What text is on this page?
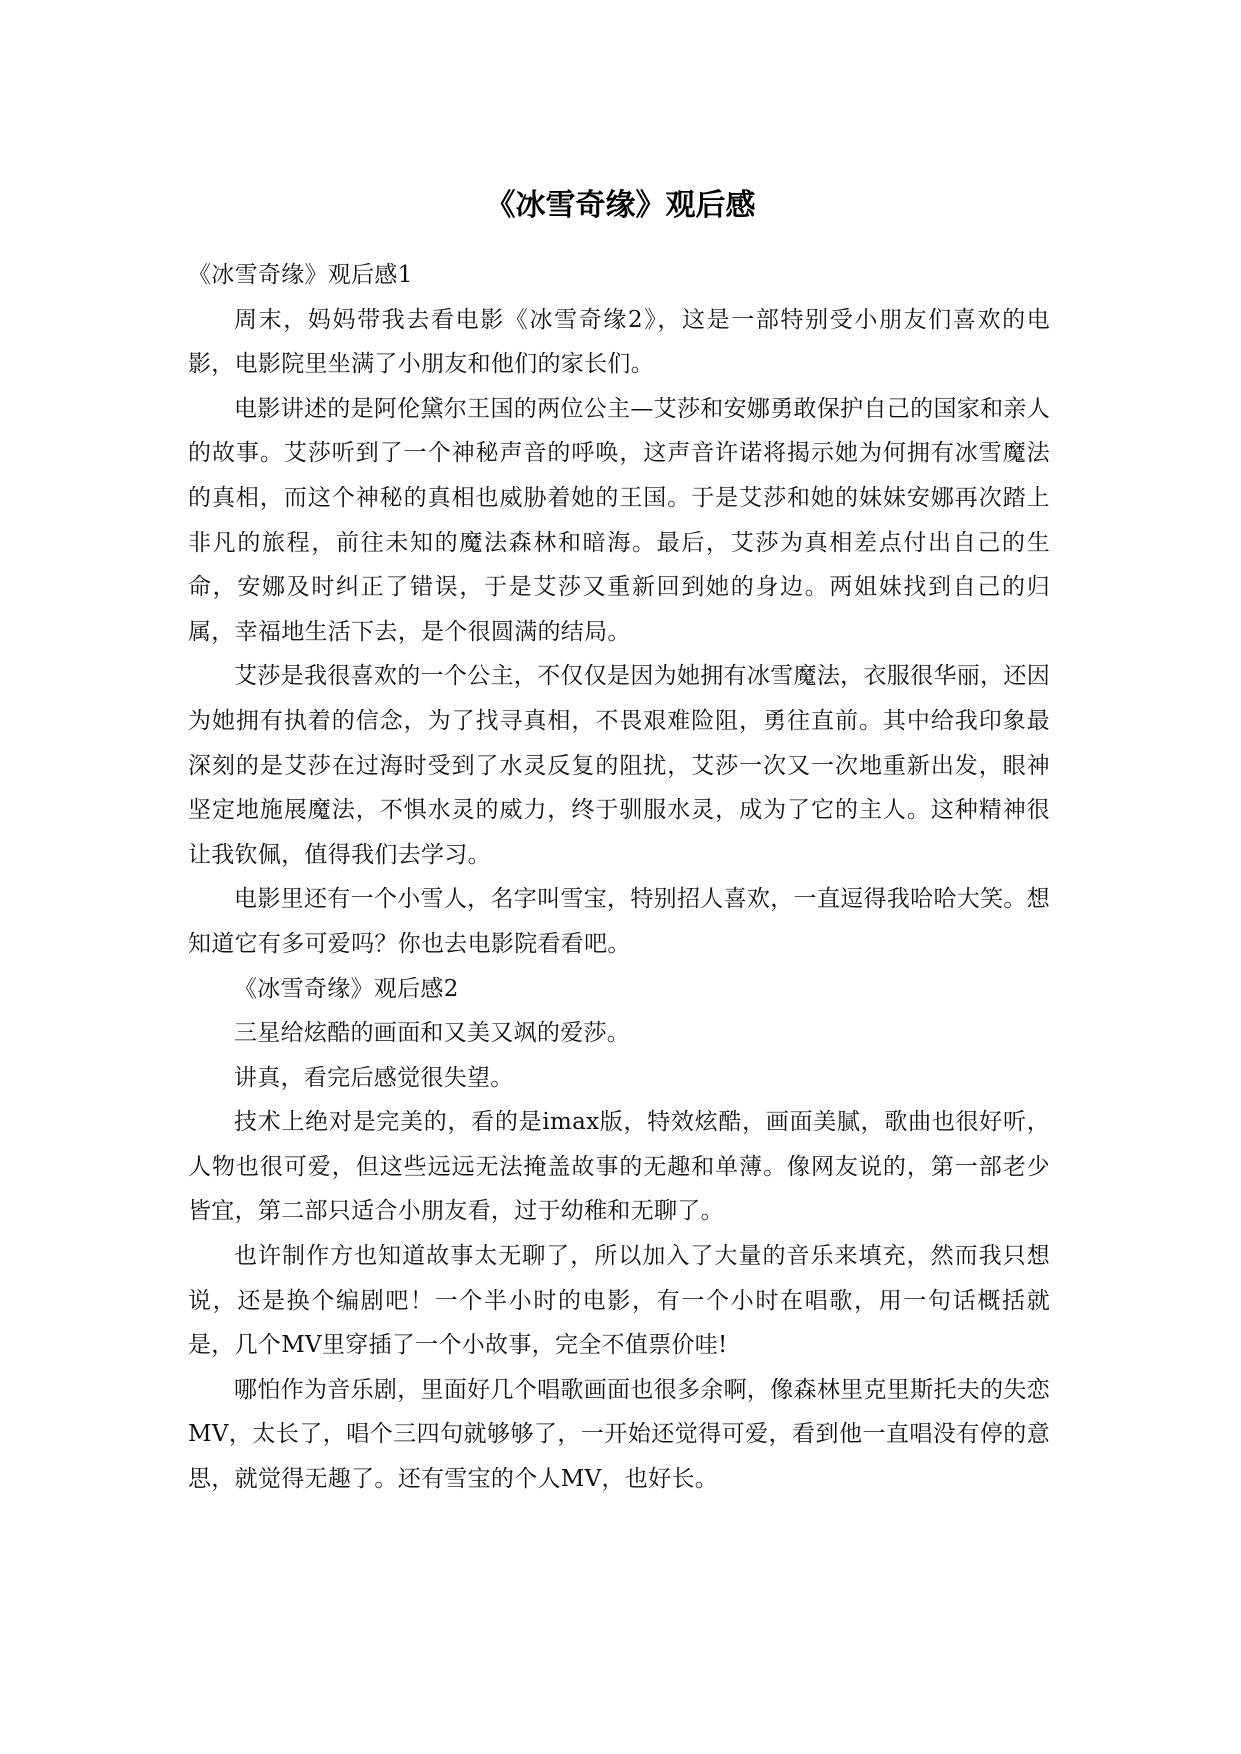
《冰雪奇缘》观后感

《冰雪奇缘》观后感1

周末，妈妈带我去看电影《冰雪奇缘2》，这是一部特别受小朋友们喜欢的电影，电影院里坐满了小朋友和他们的家长们。

电影讲述的是阿伦黛尔王国的两位公主—艾莎和安娜勇敢保护自己的国家和亲人的故事。艾莎听到了一个神秘声音的呼唤，这声音许诺将揭示她为何拥有冰雪魔法的真相，而这个神秘的真相也威胁着她的王国。于是艾莎和她的妹妹安娜再次踏上非凡的旅程，前往未知的魔法森林和暗海。最后，艾莎为真相差点付出自己的生命，安娜及时纠正了错误，于是艾莎又重新回到她的身边。两姐妹找到自己的归属，幸福地生活下去，是个很圆满的结局。

艾莎是我很喜欢的一个公主，不仅仅是因为她拥有冰雪魔法，衣服很华丽，还因为她拥有执着的信念，为了找寻真相，不畏艰难险阻，勇往直前。其中给我印象最深刻的是艾莎在过海时受到了水灵反复的阻扰，艾莎一次又一次地重新出发，眼神坚定地施展魔法，不惧水灵的威力，终于驯服水灵，成为了它的主人。这种精神很让我钦佩，值得我们去学习。

电影里还有一个小雪人，名字叫雪宝，特别招人喜欢，一直逗得我哈哈大笑。想知道它有多可爱吗？你也去电影院看看吧。

《冰雪奇缘》观后感2

三星给炫酷的画面和又美又飒的爱莎。

讲真，看完后感觉很失望。

技术上绝对是完美的，看的是imax版，特效炫酷，画面美腻，歌曲也很好听，人物也很可爱，但这些远远无法掩盖故事的无趣和单薄。像网友说的，第一部老少皆宜，第二部只适合小朋友看，过于幼稚和无聊了。

也许制作方也知道故事太无聊了，所以加入了大量的音乐来填充，然而我只想说，还是换个编剧吧！一个半小时的电影，有一个小时在唱歌，用一句话概括就是，几个MV里穿插了一个小故事，完全不值票价哇!

哪怕作为音乐剧，里面好几个唱歌画面也很多余啊，像森林里克里斯托夫的失恋MV，太长了，唱个三四句就够够了，一开始还觉得可爱，看到他一直唱没有停的意思，就觉得无趣了。还有雪宝的个人MV，也好长。
